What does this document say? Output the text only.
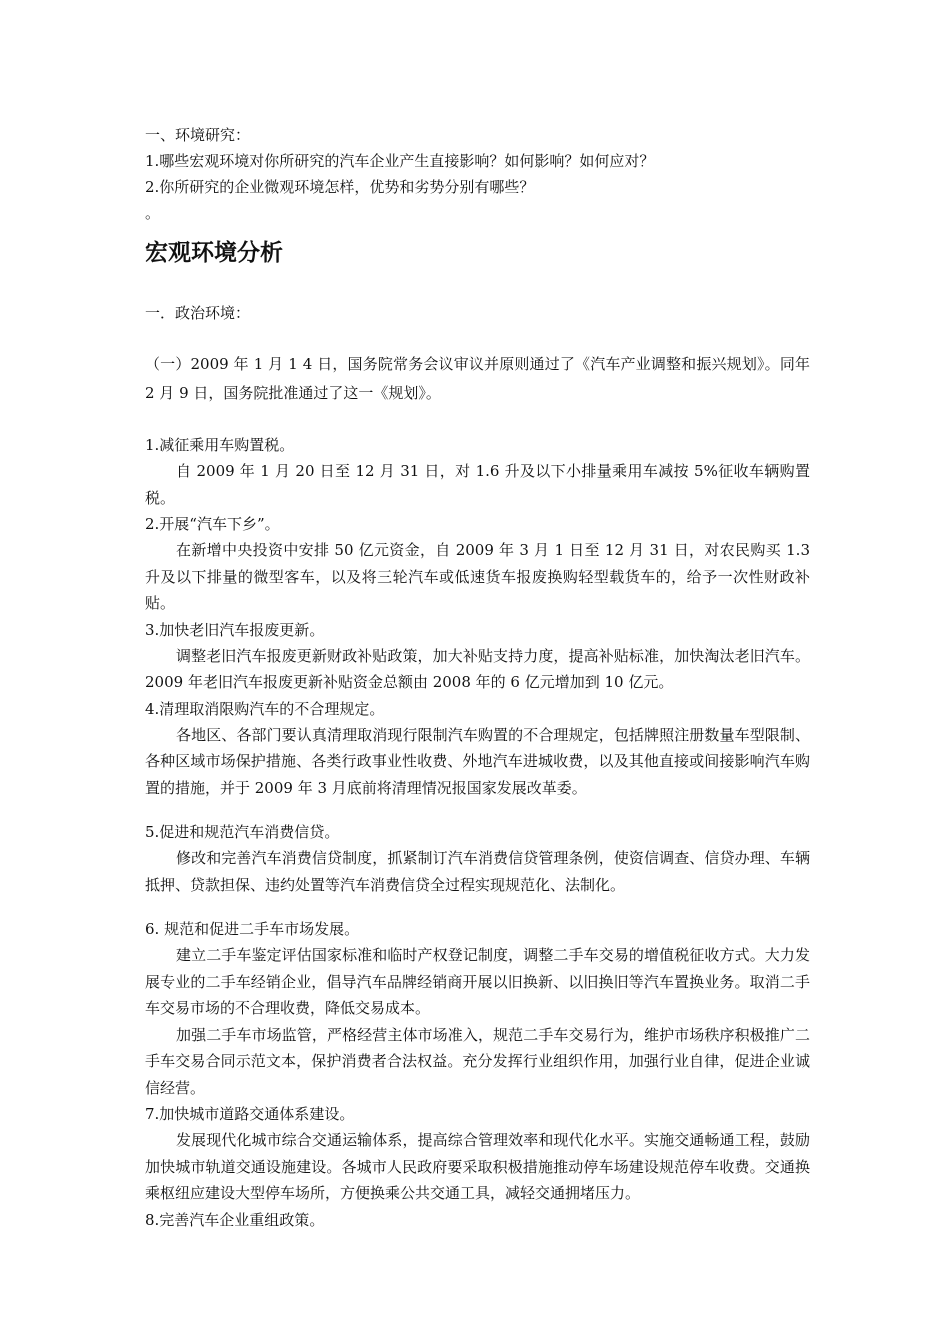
一、环境研究：

1.哪些宏观环境对你所研究的汽车企业产生直接影响？如何影响？如何应对？

2.你所研究的企业微观环境怎样，优势和劣势分别有哪些？

。

宏观环境分析

一．政治环境：

（一）2009 年 1 月 1 4 日，国务院常务会议审议并原则通过了《汽车产业调整和振兴规划》。同年 2 月 9 日，国务院批准通过了这一《规划》。

1.减征乘用车购置税。

自 2009 年 1 月 20 日至 12 月 31 日，对 1.6 升及以下小排量乘用车减按 5%征收车辆购置税。

2.开展“汽车下乡”。

在新增中央投资中安排 50 亿元资金，自 2009 年 3 月 1 日至 12 月 31 日，对农民购买 1.3 升及以下排量的微型客车，以及将三轮汽车或低速货车报废换购轻型载货车的，给予一次性财政补贴。

3.加快老旧汽车报废更新。

调整老旧汽车报废更新财政补贴政策，加大补贴支持力度，提高补贴标准，加快淘汰老旧汽车。2009 年老旧汽车报废更新补贴资金总额由 2008 年的 6 亿元增加到 10 亿元。

4.清理取消限购汽车的不合理规定。

各地区、各部门要认真清理取消现行限制汽车购置的不合理规定，包括牌照注册数量车型限制、各种区域市场保护措施、各类行政事业性收费、外地汽车进城收费，以及其他直接或间接影响汽车购置的措施，并于 2009 年 3 月底前将清理情况报国家发展改革委。

5.促进和规范汽车消费信贷。

修改和完善汽车消费信贷制度，抓紧制订汽车消费信贷管理条例，使资信调查、信贷办理、车辆抵押、贷款担保、违约处置等汽车消费信贷全过程实现规范化、法制化。

6. 规范和促进二手车市场发展。

建立二手车鉴定评估国家标准和临时产权登记制度，调整二手车交易的增值税征收方式。大力发展专业的二手车经销企业，倡导汽车品牌经销商开展以旧换新、以旧换旧等汽车置换业务。取消二手车交易市场的不合理收费，降低交易成本。

加强二手车市场监管，严格经营主体市场准入，规范二手车交易行为，维护市场秩序积极推广二手车交易合同示范文本，保护消费者合法权益。充分发挥行业组织作用，加强行业自律，促进企业诚信经营。

7.加快城市道路交通体系建设。

发展现代化城市综合交通运输体系，提高综合管理效率和现代化水平。实施交通畅通工程，鼓励加快城市轨道交通设施建设。各城市人民政府要采取积极措施推动停车场建设规范停车收费。交通换乘枢纽应建设大型停车场所，方便换乘公共交通工具，减轻交通拥堵压力。

8.完善汽车企业重组政策。
